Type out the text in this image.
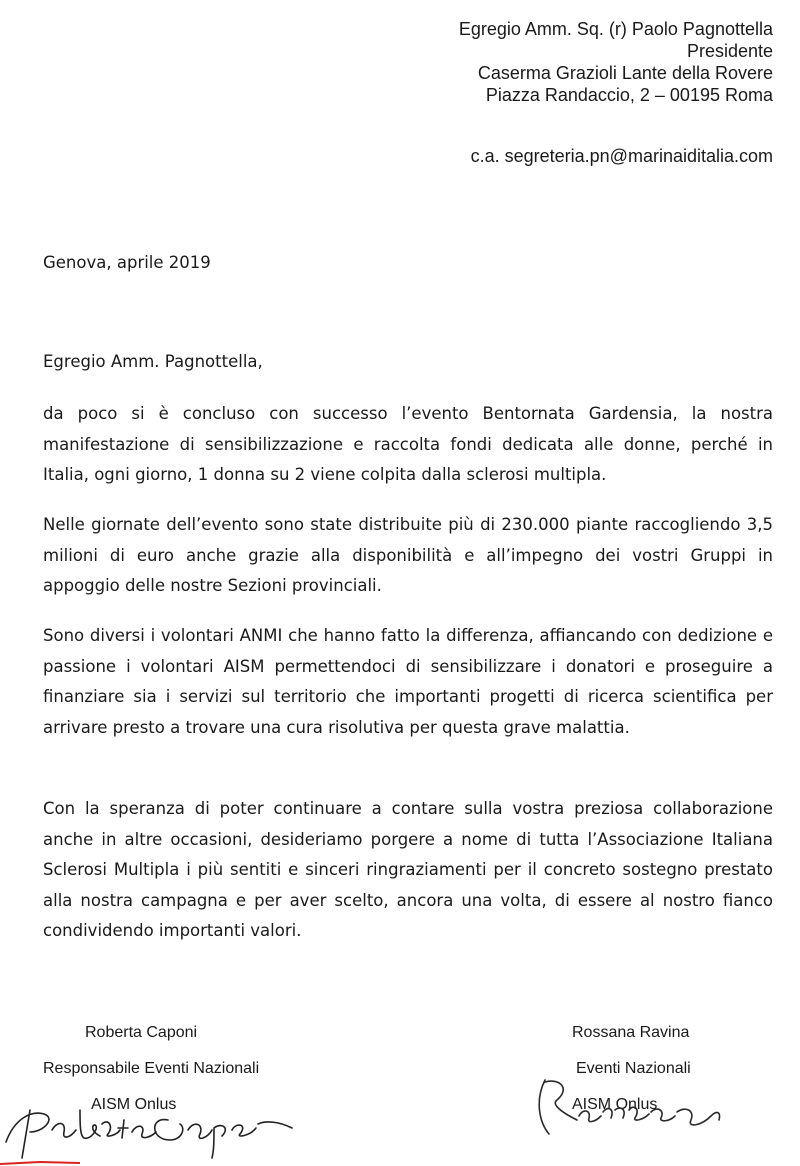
Egregio Amm. Sq. (r) Paolo Pagnottella
Presidente
Caserma Grazioli Lante della Rovere
Piazza Randaccio, 2 – 00195 Roma
c.a. segreteria.pn@marinaiditalia.com
Genova, aprile 2019
Egregio Amm. Pagnottella,

da poco si è concluso con successo l’evento Bentornata Gardensia, la nostra manifestazione di sensibilizzazione e raccolta fondi dedicata alle donne, perché in Italia, ogni giorno, 1 donna su 2 viene colpita dalla sclerosi multipla.

Nelle giornate dell’evento sono state distribuite più di 230.000 piante raccogliendo 3,5 milioni di euro anche grazie alla disponibilità e all’impegno dei vostri Gruppi in appoggio delle nostre Sezioni provinciali.

Sono diversi i volontari ANMI che hanno fatto la differenza, affiancando con dedizione e passione i volontari AISM permettendoci di sensibilizzare i donatori e proseguire a finanziare sia i servizi sul territorio che importanti progetti di ricerca scientifica per arrivare presto a trovare una cura risolutiva per questa grave malattia.

Con la speranza di poter continuare a contare sulla vostra preziosa collaborazione anche in altre occasioni, desideriamo porgere a nome di tutta l’Associazione Italiana Sclerosi Multipla i più sentiti e sinceri ringraziamenti per il concreto sostegno prestato alla nostra campagna e per aver scelto, ancora una volta, di essere al nostro fianco condividendo importanti valori.

Roberta Caponi
Responsabile Eventi Nazionali
AISM Onlus
Rossana Ravina
Eventi Nazionali
AISM Onlus
